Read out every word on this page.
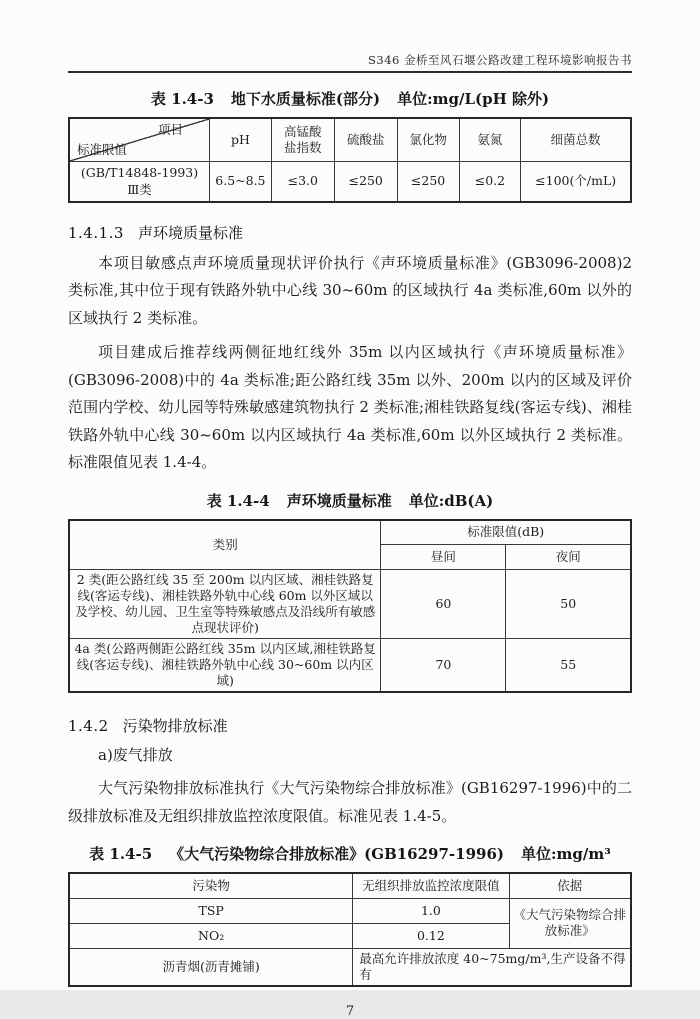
S346 金桥至风石堰公路改建工程环境影响报告书
表 1.4-3 地下水质量标准(部分) 单位:mg/L(pH 除外)
项目
标准限值	pH	高锰酸盐指数	硫酸盐	氯化物	氨氮	细菌总数

(GB/T14848-1993)
Ⅲ类	6.5~8.5	≤3.0	≤250	≤250	≤0.2	≤100(个/mL)
1.4.1.3 声环境质量标准
本项目敏感点声环境质量现状评价执行《声环境质量标准》(GB3096-2008)2 类标准,其中位于现有铁路外轨中心线 30~60m 的区域执行 4a 类标准,60m 以外的区域执行 2 类标准。
项目建成后推荐线两侧征地红线外 35m 以内区域执行《声环境质量标准》(GB3096-2008)中的 4a 类标准;距公路红线 35m 以外、200m 以内的区域及评价范围内学校、幼儿园等特殊敏感建筑物执行 2 类标准;湘桂铁路复线(客运专线)、湘桂铁路外轨中心线 30~60m 以内区域执行 4a 类标准,60m 以外区域执行 2 类标准。标准限值见表 1.4-4。
表 1.4-4 声环境质量标准 单位:dB(A)
类别	标准限值(dB)	
	昼间	夜间
2 类(距公路红线 35 至 200m 以内区域、湘桂铁路复线(客运专线)、湘桂铁路外轨中心线 60m 以外区域以及学校、幼儿园、卫生室等特殊敏感点及沿线所有敏感点现状评价)	60	50
4a 类(公路两侧距公路红线 35m 以内区域,湘桂铁路复线(客运专线)、湘桂铁路外轨中心线 30~60m 以内区域)	70	55
1.4.2 污染物排放标准
a)废气排放
大气污染物排放标准执行《大气污染物综合排放标准》(GB16297-1996)中的二级排放标准及无组织排放监控浓度限值。标准见表 1.4-5。
表 1.4-5 《大气污染物综合排放标准》(GB16297-1996) 单位:mg/m³
污染物	无组织排放监控浓度限值	依据
TSP	1.0	《大气污染物综合排放标准》
NO₂	0.12	
沥青烟(沥青摊铺)	最高允许排放浓度 40~75mg/m³,生产设备不得有	
7
